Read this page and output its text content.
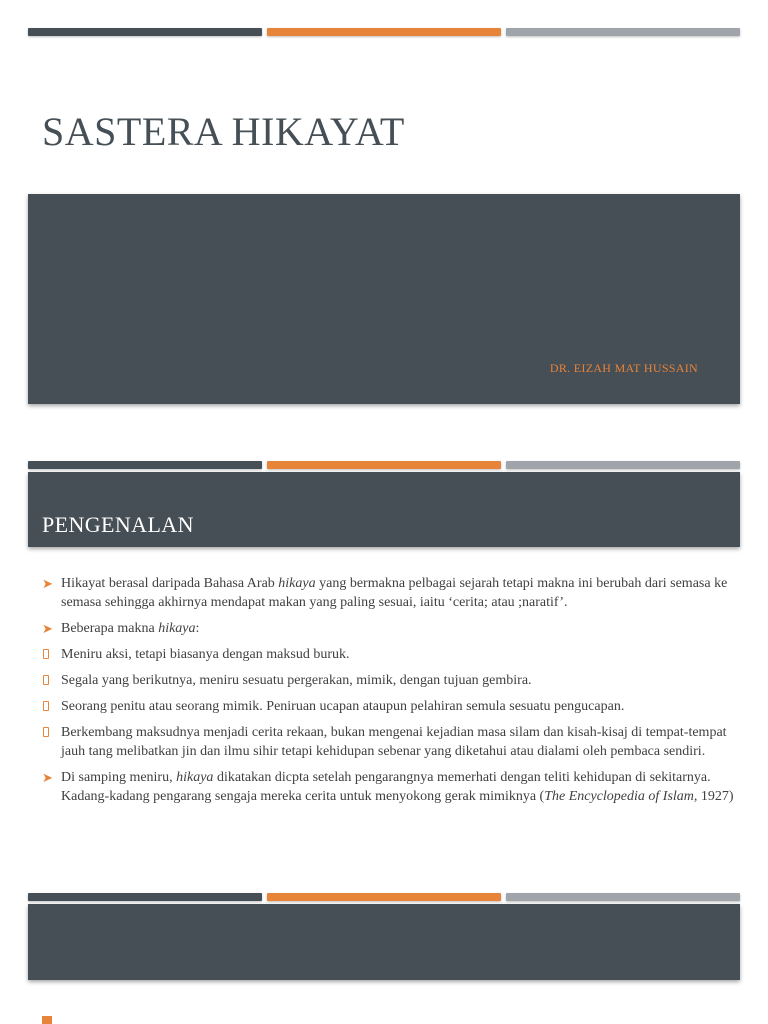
SASTERA HIKAYAT
DR. EIZAH MAT HUSSAIN
PENGENALAN
➤ Hikayat berasal daripada Bahasa Arab hikaya yang bermakna pelbagai sejarah tetapi makna ini berubah dari semasa ke semasa sehingga akhirnya mendapat makan yang paling sesuai, iaitu ‘cerita; atau ;naratif’.
➤ Beberapa makna hikaya:
Meniru aksi, tetapi biasanya dengan maksud buruk.
Segala yang berikutnya, meniru sesuatu pergerakan, mimik, dengan tujuan gembira.
Seorang penitu atau seorang mimik. Peniruan ucapan ataupun pelahiran semula sesuatu pengucapan.
Berkembang maksudnya menjadi cerita rekaan, bukan mengenai kejadian masa silam dan kisah-kisaj di tempat-tempat jauh tang melibatkan jin dan ilmu sihir tetapi kehidupan sebenar yang diketahui atau dialami oleh pembaca sendiri.
➤ Di samping meniru, hikaya dikatakan dicpta setelah pengarangnya memerhati dengan teliti kehidupan di sekitarnya. Kadang-kadang pengarang sengaja mereka cerita untuk menyokong gerak mimiknya (The Encyclopedia of Islam, 1927)
